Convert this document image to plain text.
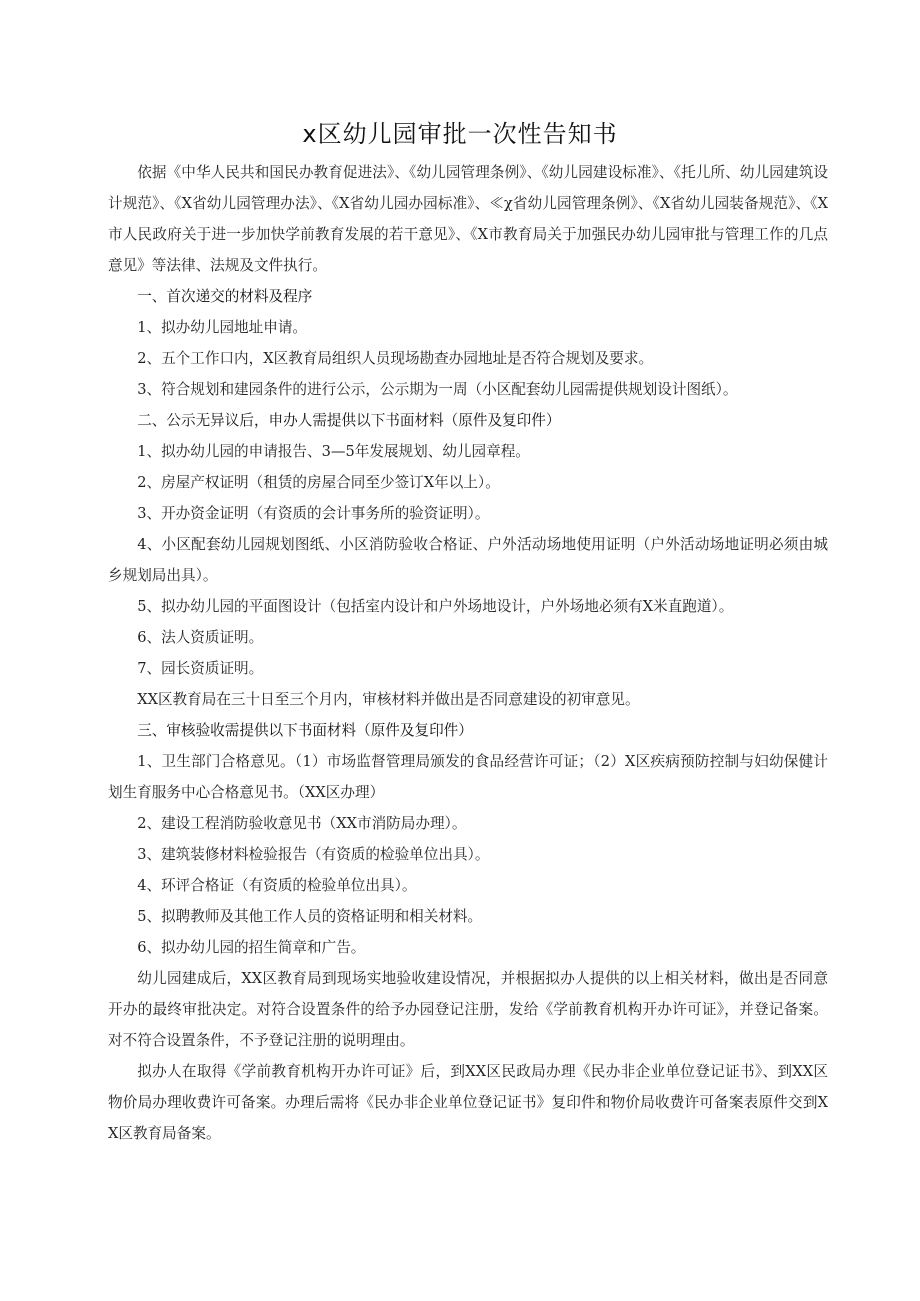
x区幼儿园审批一次性告知书

依据《中华人民共和国民办教育促进法》、《幼儿园管理条例》、《幼儿园建设标准》、《托儿所、幼儿园建筑设计规范》、《X省幼儿园管理办法》、《X省幼儿园办园标准》、≪χ省幼儿园管理条例》、《X省幼儿园装备规范》、《X市人民政府关于进一步加快学前教育发展的若干意见》、《X市教育局关于加强民办幼儿园审批与管理工作的几点意见》等法律、法规及文件执行。

一、首次递交的材料及程序

1、拟办幼儿园地址申请。

2、五个工作口内，X区教育局组织人员现场勘查办园地址是否符合规划及要求。

3、符合规划和建园条件的进行公示，公示期为一周（小区配套幼儿园需提供规划设计图纸）。

二、公示无异议后，申办人需提供以下书面材料（原件及复印件）

1、拟办幼儿园的申请报告、3—5年发展规划、幼儿园章程。

2、房屋产权证明（租赁的房屋合同至少签订X年以上）。

3、开办资金证明（有资质的会计事务所的验资证明）。

4、小区配套幼儿园规划图纸、小区消防验收合格证、户外活动场地使用证明（户外活动场地证明必须由城乡规划局出具）。

5、拟办幼儿园的平面图设计（包括室内设计和户外场地设计，户外场地必须有X米直跑道）。

6、法人资质证明。

7、园长资质证明。

XX区教育局在三十日至三个月内，审核材料并做出是否同意建设的初审意见。

三、审核验收需提供以下书面材料（原件及复印件）

1、卫生部门合格意见。（1）市场监督管理局颁发的食品经营许可证；（2）X区疾病预防控制与妇幼保健计划生育服务中心合格意见书。（XX区办理）

2、建设工程消防验收意见书（XX市消防局办理）。

3、建筑装修材料检验报告（有资质的检验单位出具）。

4、环评合格证（有资质的检验单位出具）。

5、拟聘教师及其他工作人员的资格证明和相关材料。

6、拟办幼儿园的招生简章和广告。

幼儿园建成后，XX区教育局到现场实地验收建设情况，并根据拟办人提供的以上相关材料，做出是否同意开办的最终审批决定。对符合设置条件的给予办园登记注册，发给《学前教育机构开办许可证》，并登记备案。对不符合设置条件，不予登记注册的说明理由。

拟办人在取得《学前教育机构开办许可证》后，到XX区民政局办理《民办非企业单位登记证书》、到XX区物价局办理收费许可备案。办理后需将《民办非企业单位登记证书》复印件和物价局收费许可备案表原件交到XX区教育局备案。
